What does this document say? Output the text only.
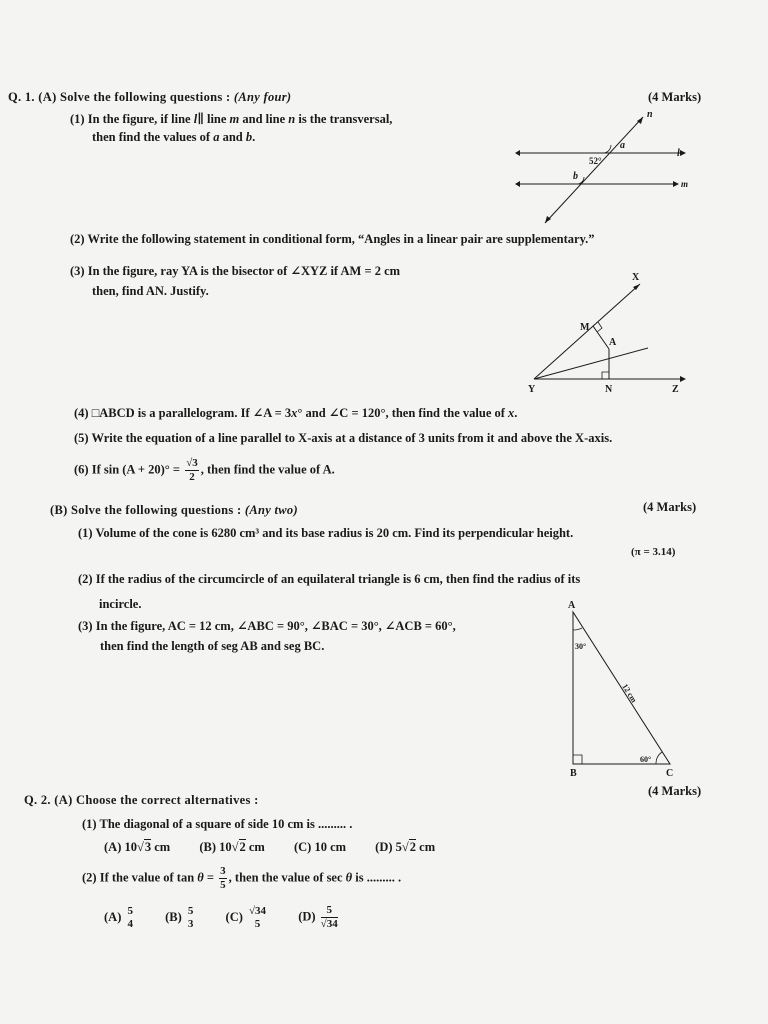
Q. 1. (A) Solve the following questions : (Any four)	(4 Marks)
(1) In the figure, if line l∥ line m and line n is the transversal,
then find the values of a and b.
n
a
l
52°
b
m
(2) Write the following statement in conditional form, “Angles in a linear pair are supplementary.”
(3) In the figure, ray YA is the bisector of ∠XYZ if AM = 2 cm
then, find AN. Justify.
X
M
A
Y	N	Z
(4) □ABCD is a parallelogram. If ∠A = 3x° and ∠C = 120°, then find the value of x.
(5) Write the equation of a line parallel to X-axis at a distance of 3 units from it and above the X-axis.
(6) If $\sin (A + 20)^\circ = \frac{√3}{2}$ , then find the value of A.
(B) Solve the following questions : (Any two)	(4 Marks)
(1) Volume of the cone is 6280 cm³ and its base radius is 20 cm. Find its perpendicular height.
(π = 3.14)
(2) If the radius of the circumcircle of an equilateral triangle is 6 cm, then find the radius of its
incircle.
(3) In the figure, AC = 12 cm, ∠ABC = 90°, ∠BAC = 30°, ∠ACB = 60°,
then find the length of seg AB and seg BC.
A
B	C
30°
60°
12 cm
Q. 2. (A) Choose the correct alternatives :
(4 Marks)
(1) The diagonal of a square of side 10 cm is ......... .
(A) 10√3 cm (B) 10√2 cm (C) 10 cm (D) 5√2 cm
(2) If the value of $\tan \theta = \frac{3}{5}$ , then the value of sec θ is ......... .
(A) 5
4
(B) 5
3
(C) √34
5
$(D) \frac{5}{√34}$
